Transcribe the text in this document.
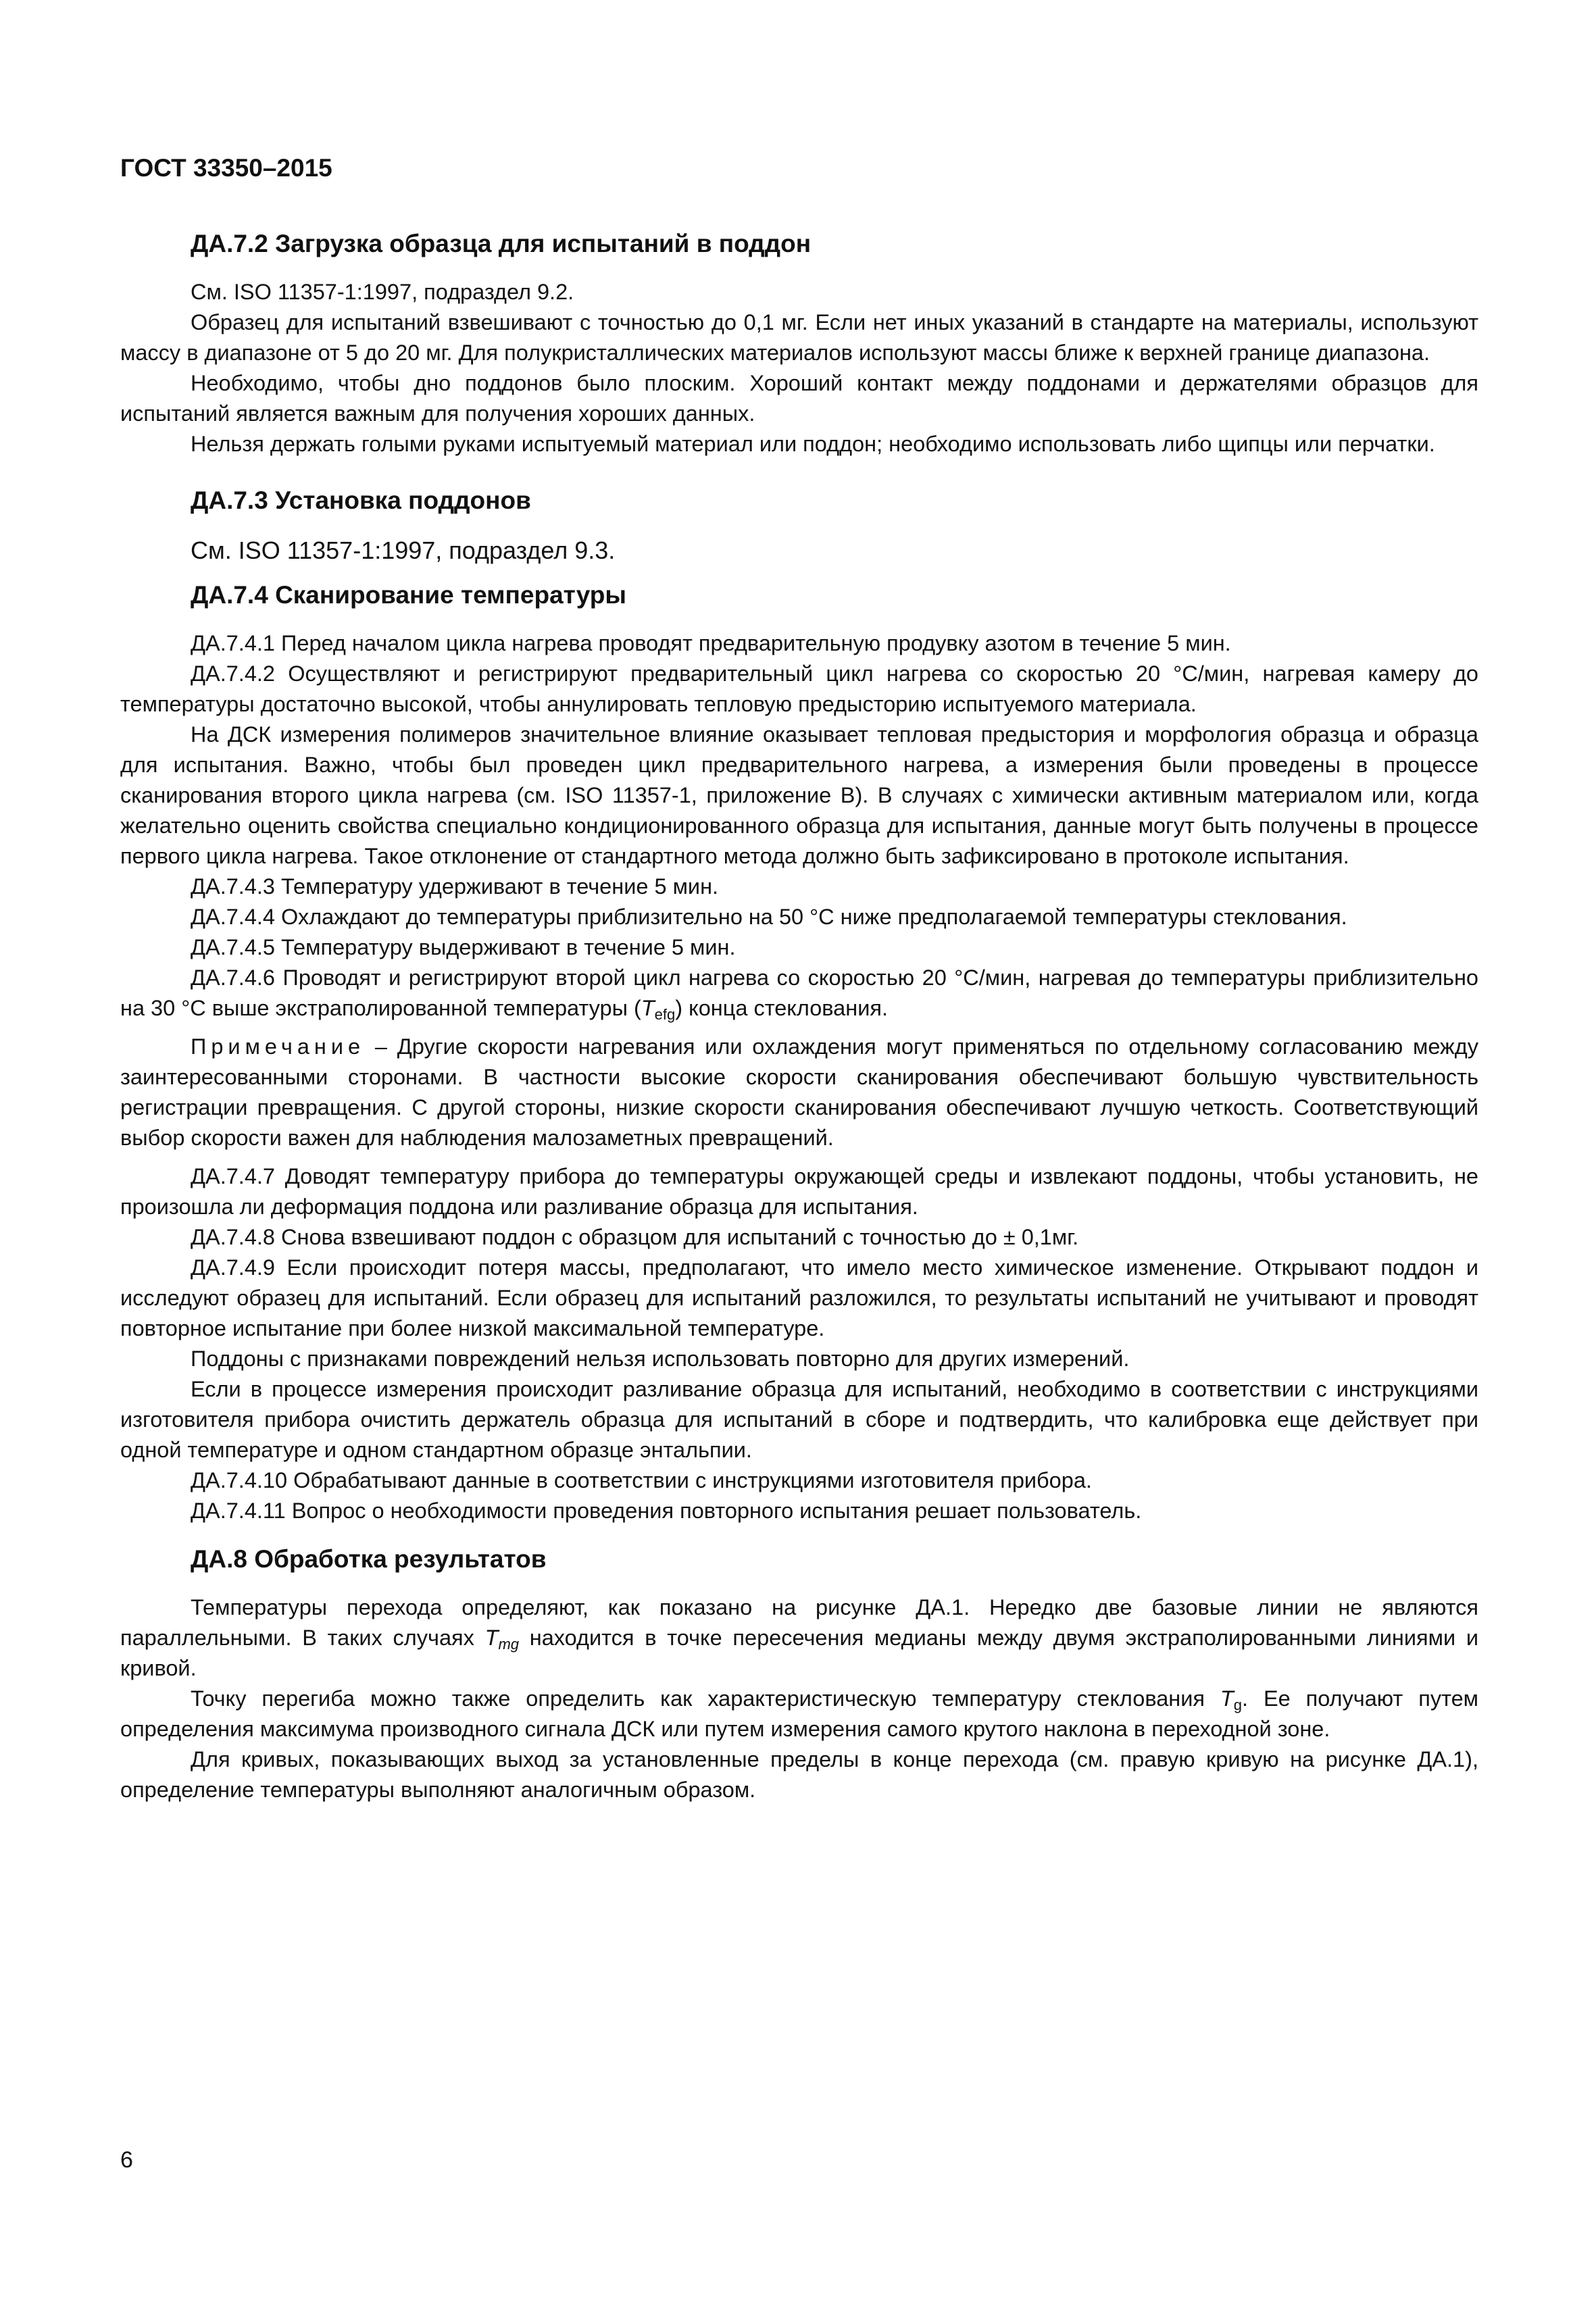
ГОСТ 33350–2015
ДА.7.2 Загрузка образца для испытаний в поддон

См. ISO 11357-1:1997, подраздел 9.2.

Образец для испытаний взвешивают с точностью до 0,1 мг. Если нет иных указаний в стандарте на материалы, используют массу в диапазоне от 5 до 20 мг. Для полукристаллических материалов используют массы ближе к верхней границе диапазона.

Необходимо, чтобы дно поддонов было плоским. Хороший контакт между поддонами и держателями образцов для испытаний является важным для получения хороших данных.

Нельзя держать голыми руками испытуемый материал или поддон; необходимо использовать либо щипцы или перчатки.

ДА.7.3 Установка поддонов

См. ISO 11357-1:1997, подраздел 9.3.

ДА.7.4 Сканирование температуры

ДА.7.4.1 Перед началом цикла нагрева проводят предварительную продувку азотом в течение 5 мин.

ДА.7.4.2 Осуществляют и регистрируют предварительный цикл нагрева со скоростью 20 °С/мин, нагревая камеру до температуры достаточно высокой, чтобы аннулировать тепловую предысторию испытуемого материала.

На ДСК измерения полимеров значительное влияние оказывает тепловая предыстория и морфология образца и образца для испытания. Важно, чтобы был проведен цикл предварительного нагрева, а измерения были проведены в процессе сканирования второго цикла нагрева (см. ISO 11357-1, приложение В). В случаях с химически активным материалом или, когда желательно оценить свойства специально кондиционированного образца для испытания, данные могут быть получены в процессе первого цикла нагрева. Такое отклонение от стандартного метода должно быть зафиксировано в протоколе испытания.

ДА.7.4.3 Температуру удерживают в течение 5 мин.

ДА.7.4.4 Охлаждают до температуры приблизительно на 50 °С ниже предполагаемой температуры стеклования.

ДА.7.4.5 Температуру выдерживают в течение 5 мин.

ДА.7.4.6 Проводят и регистрируют второй цикл нагрева со скоростью 20 °С/мин, нагревая до температуры приблизительно на 30 °С выше экстраполированной температуры $(T_{efg})$ конца стеклования.

Примечание – Другие скорости нагревания или охлаждения могут применяться по отдельному согласованию между заинтересованными сторонами. В частности высокие скорости сканирования обеспечивают большую чувствительность регистрации превращения. С другой стороны, низкие скорости сканирования обеспечивают лучшую четкость. Соответствующий выбор скорости важен для наблюдения малозаметных превращений.

ДА.7.4.7 Доводят температуру прибора до температуры окружающей среды и извлекают поддоны, чтобы установить, не произошла ли деформация поддона или разливание образца для испытания.

ДА.7.4.8 Снова взвешивают поддон с образцом для испытаний с точностью до ± 0,1мг.

ДА.7.4.9 Если происходит потеря массы, предполагают, что имело место химическое изменение. Открывают поддон и исследуют образец для испытаний. Если образец для испытаний разложился, то результаты испытаний не учитывают и проводят повторное испытание при более низкой максимальной температуре.

Поддоны с признаками повреждений нельзя использовать повторно для других измерений.

Если в процессе измерения происходит разливание образца для испытаний, необходимо в соответствии с инструкциями изготовителя прибора очистить держатель образца для испытаний в сборе и подтвердить, что калибровка еще действует при одной температуре и одном стандартном образце энтальпии.

ДА.7.4.10 Обрабатывают данные в соответствии с инструкциями изготовителя прибора.

ДА.7.4.11 Вопрос о необходимости проведения повторного испытания решает пользователь.

ДА.8 Обработка результатов

Температуры перехода определяют, как показано на рисунке ДА.1. Нередко две базовые линии не являются параллельными. В таких случаях $T_{mg}$ находится в точке пересечения медианы между двумя экстраполированными линиями и кривой.

Точку перегиба можно также определить как характеристическую температуру стеклования $T_g$. Ее получают путем определения максимума производного сигнала ДСК или путем измерения самого крутого наклона в переходной зоне.

Для кривых, показывающих выход за установленные пределы в конце перехода (см. правую кривую на рисунке ДА.1), определение температуры выполняют аналогичным образом.

6
